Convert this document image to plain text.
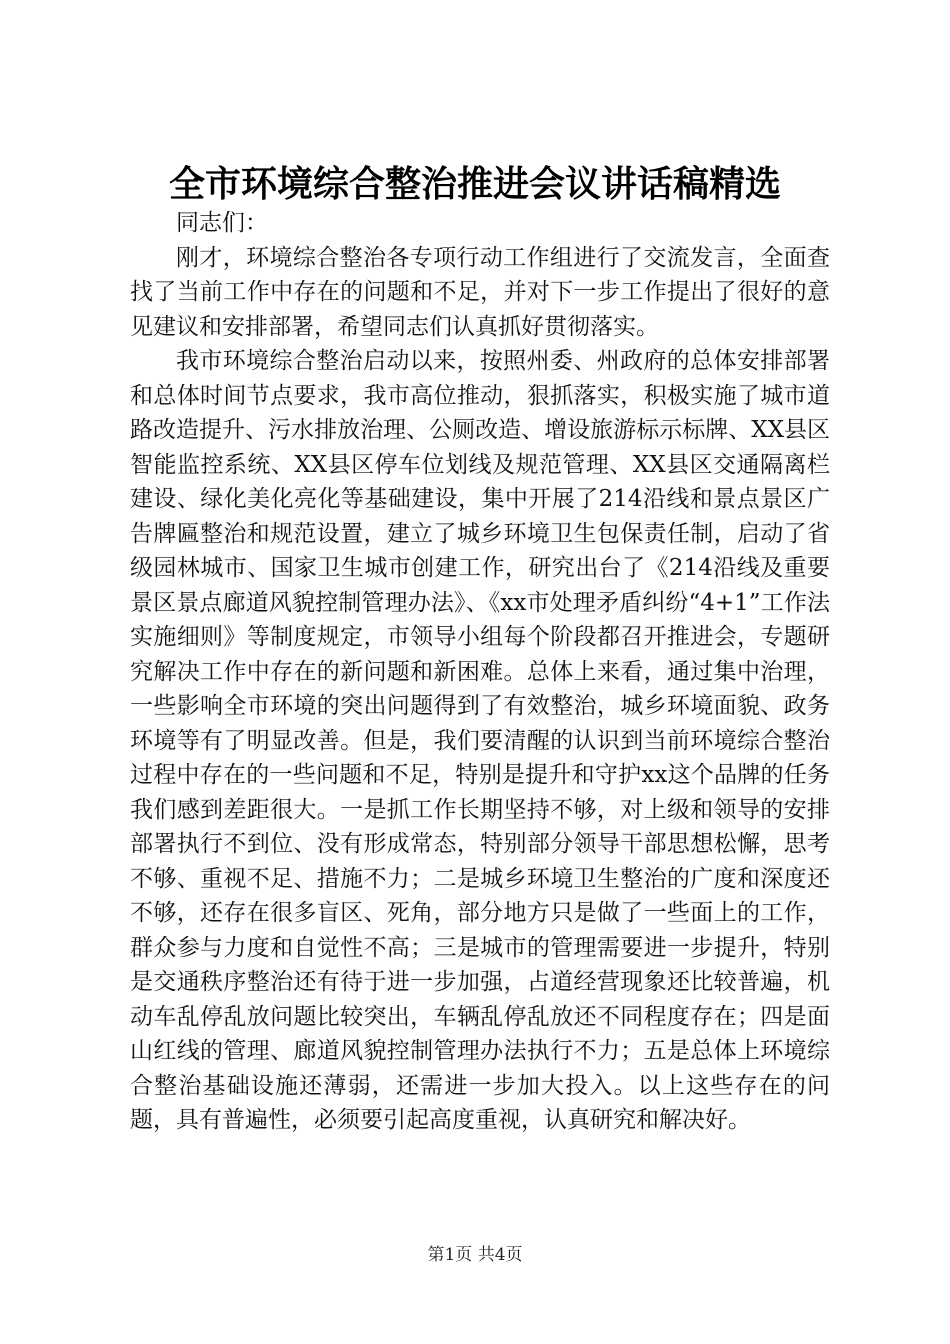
全市环境综合整治推进会议讲话稿精选

同志们：

刚才，环境综合整治各专项行动工作组进行了交流发言，全面查找了当前工作中存在的问题和不足，并对下一步工作提出了很好的意见建议和安排部署，希望同志们认真抓好贯彻落实。

我市环境综合整治启动以来，按照州委、州政府的总体安排部署和总体时间节点要求，我市高位推动，狠抓落实，积极实施了城市道路改造提升、污水排放治理、公厕改造、增设旅游标示标牌、XX县区智能监控系统、XX县区停车位划线及规范管理、XX县区交通隔离栏建设、绿化美化亮化等基础建设，集中开展了214沿线和景点景区广告牌匾整治和规范设置，建立了城乡环境卫生包保责任制，启动了省级园林城市、国家卫生城市创建工作，研究出台了《214沿线及重要景区景点廊道风貌控制管理办法》、《xx市处理矛盾纠纷“4+1”工作法实施细则》等制度规定，市领导小组每个阶段都召开推进会，专题研究解决工作中存在的新问题和新困难。总体上来看，通过集中治理，一些影响全市环境的突出问题得到了有效整治，城乡环境面貌、政务环境等有了明显改善。但是，我们要清醒的认识到当前环境综合整治过程中存在的一些问题和不足，特别是提升和守护xx这个品牌的任务我们感到差距很大。一是抓工作长期坚持不够，对上级和领导的安排部署执行不到位、没有形成常态，特别部分领导干部思想松懈，思考不够、重视不足、措施不力；二是城乡环境卫生整治的广度和深度还不够，还存在很多盲区、死角，部分地方只是做了一些面上的工作，群众参与力度和自觉性不高；三是城市的管理需要进一步提升，特别是交通秩序整治还有待于进一步加强，占道经营现象还比较普遍，机动车乱停乱放问题比较突出，车辆乱停乱放还不同程度存在；四是面山红线的管理、廊道风貌控制管理办法执行不力；五是总体上环境综合整治基础设施还薄弱，还需进一步加大投入。以上这些存在的问题，具有普遍性，必须要引起高度重视，认真研究和解决好。

第1页 共4页
